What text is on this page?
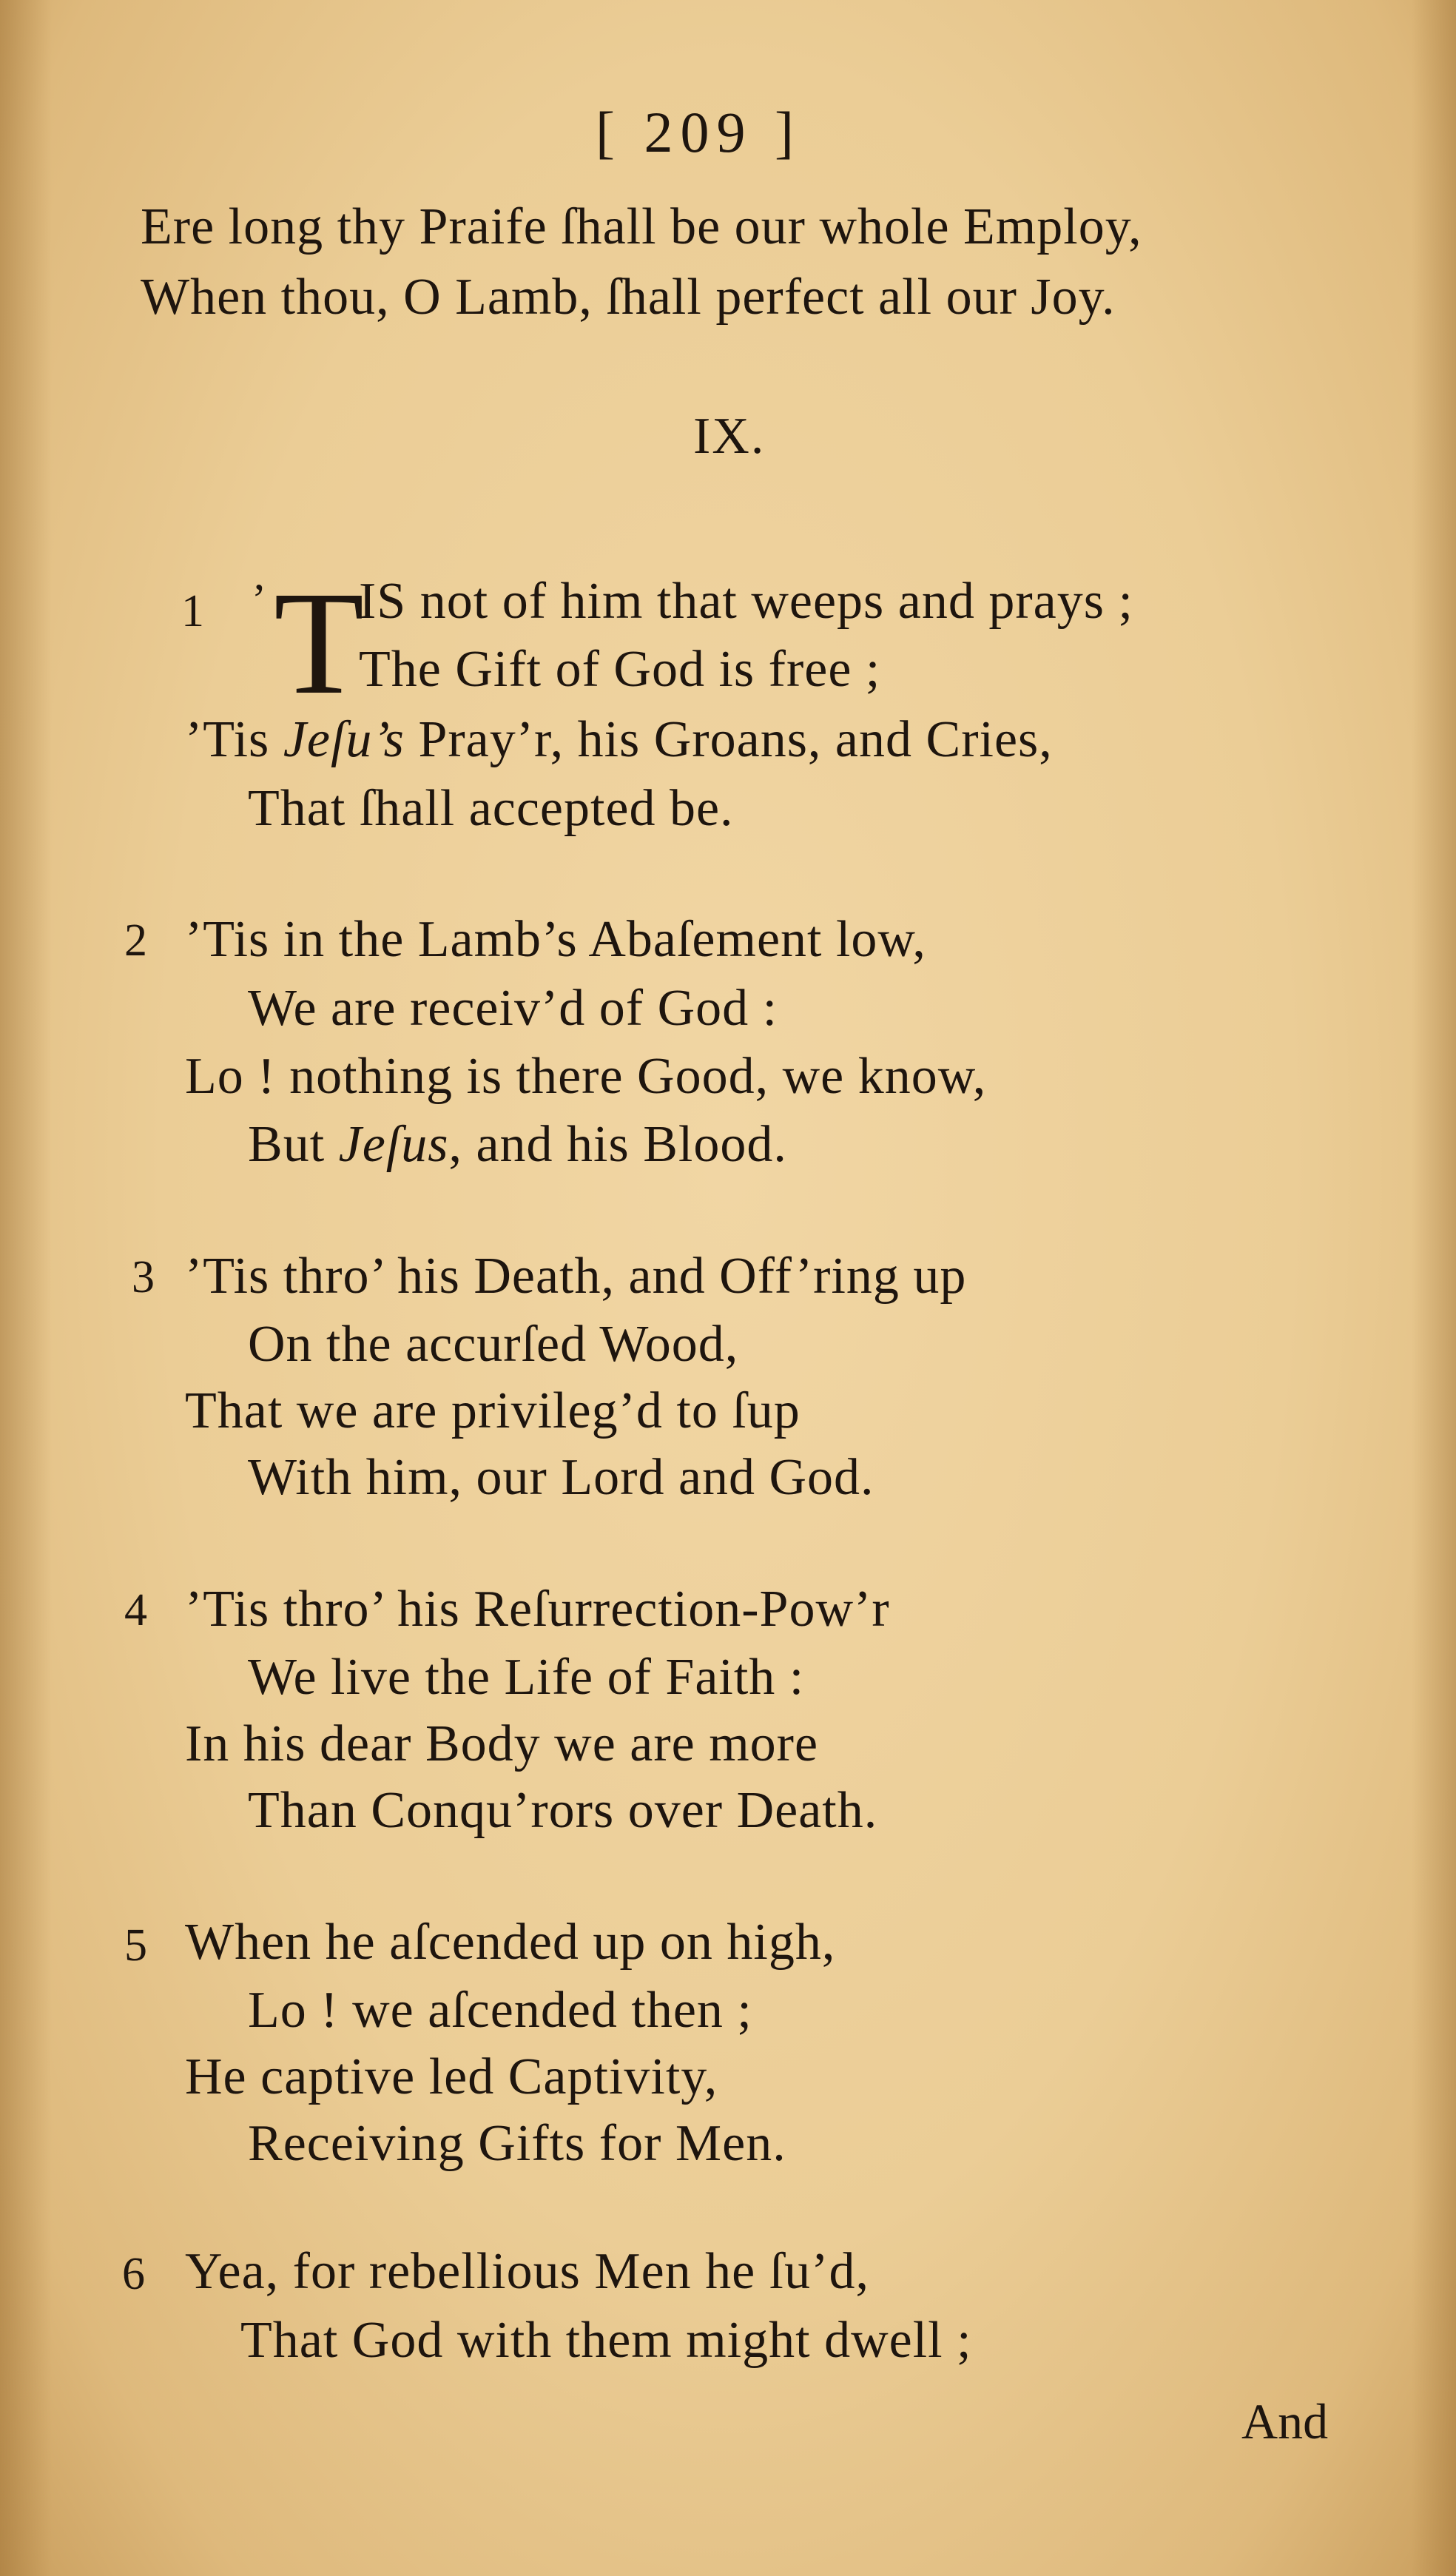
[ 209 ]
Ere long thy Praife ſhall be our whole Employ,
When thou, O Lamb, ſhall perfect all our Joy.
IX.
1 ’ T
IS not of him that weeps and prays ;
The Gift of God is free ;
’Tis Jeſu’s Pray’r, his Groans, and Cries,
That ſhall accepted be.
2 ’Tis in the Lamb’s Abaſement low,
We are receiv’d of God :
Lo ! nothing is there Good, we know,
But Jeſus, and his Blood.
3 ’Tis thro’ his Death, and Off’ring up
On the accurſed Wood,
That we are privileg’d to ſup
With him, our Lord and God.
4 ’Tis thro’ his Reſurrection-Pow’r
We live the Life of Faith :
In his dear Body we are more
Than Conqu’rors over Death.
5 When he aſcended up on high,
Lo ! we aſcended then ;
He captive led Captivity,
Receiving Gifts for Men.
6 Yea, for rebellious Men he ſu’d,
That God with them might dwell ;
And
